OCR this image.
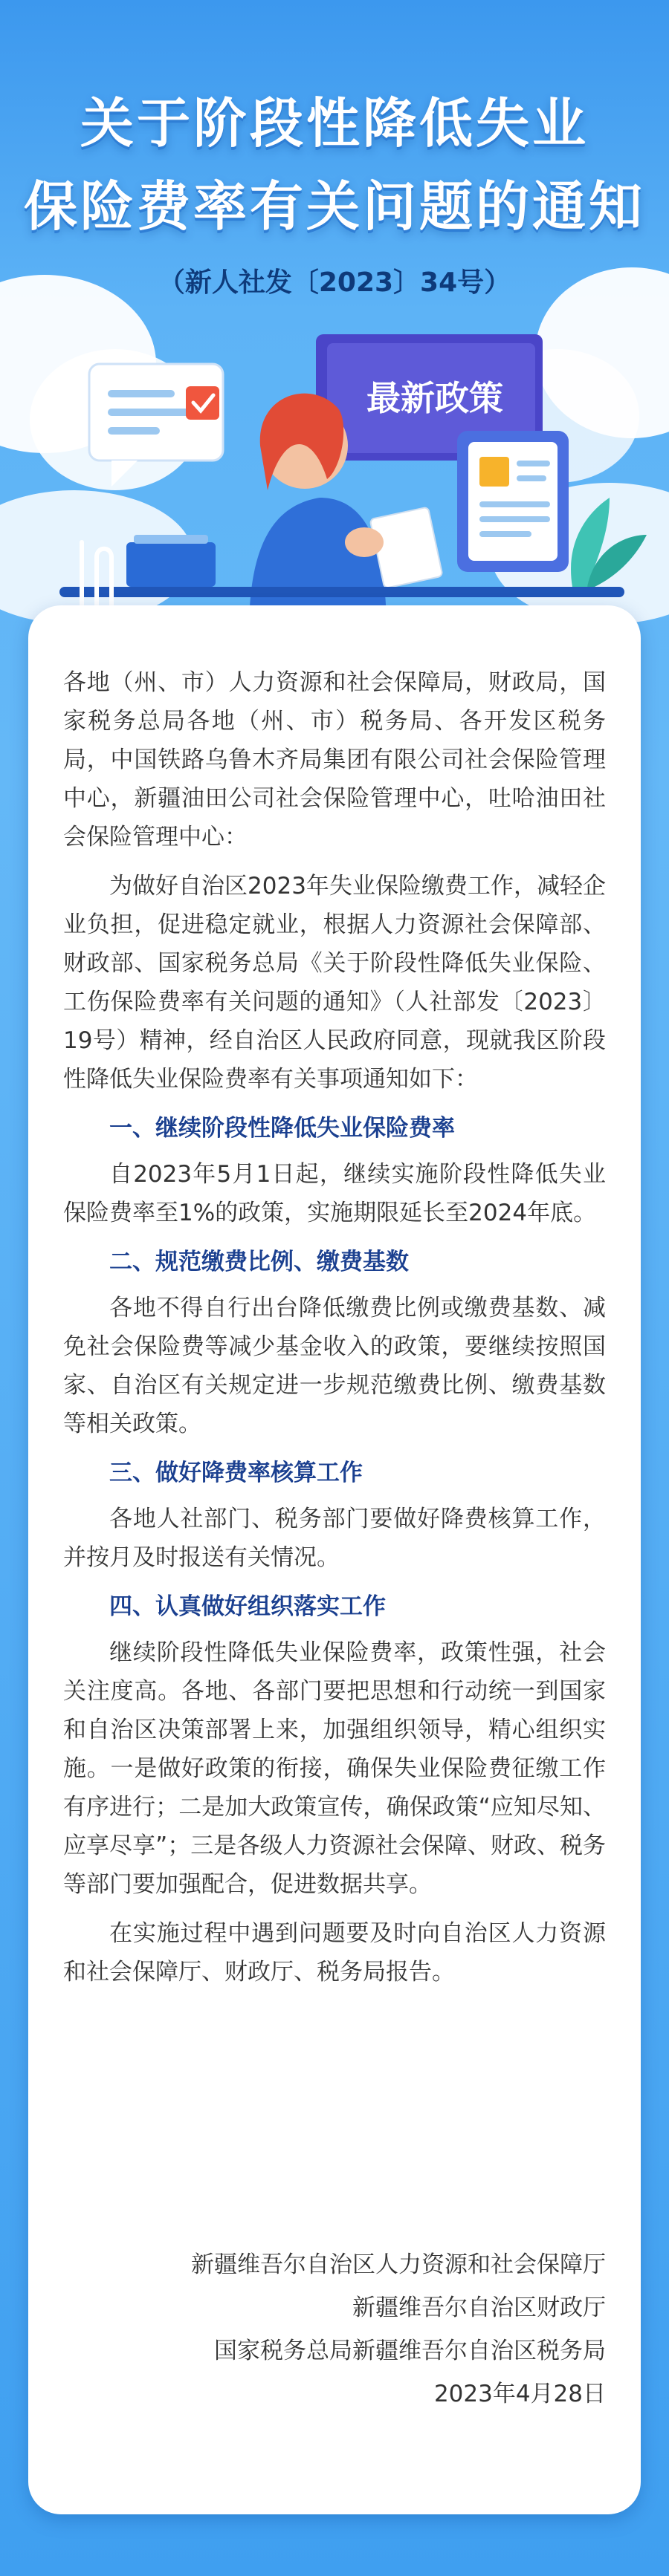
关于阶段性降低失业
保险费率有关问题的通知
（新人社发〔2023〕34号）
最新政策

各地（州、市）人力资源和社会保障局，财政局，国家税务总局各地（州、市）税务局、各开发区税务局，中国铁路乌鲁木齐局集团有限公司社会保险管理中心，新疆油田公司社会保险管理中心，吐哈油田社会保险管理中心：

为做好自治区2023年失业保险缴费工作，减轻企业负担，促进稳定就业，根据人力资源社会保障部、财政部、国家税务总局《关于阶段性降低失业保险、工伤保险费率有关问题的通知》（人社部发〔2023〕19号）精神，经自治区人民政府同意，现就我区阶段性降低失业保险费率有关事项通知如下：

一、继续阶段性降低失业保险费率

自2023年5月1日起，继续实施阶段性降低失业保险费率至1%的政策，实施期限延长至2024年底。

二、规范缴费比例、缴费基数

各地不得自行出台降低缴费比例或缴费基数、减免社会保险费等减少基金收入的政策，要继续按照国家、自治区有关规定进一步规范缴费比例、缴费基数等相关政策。

三、做好降费率核算工作

各地人社部门、税务部门要做好降费核算工作，并按月及时报送有关情况。

四、认真做好组织落实工作

继续阶段性降低失业保险费率，政策性强，社会关注度高。各地、各部门要把思想和行动统一到国家和自治区决策部署上来，加强组织领导，精心组织实施。一是做好政策的衔接，确保失业保险费征缴工作有序进行；二是加大政策宣传，确保政策“应知尽知、应享尽享”；三是各级人力资源社会保障、财政、税务等部门要加强配合，促进数据共享。

在实施过程中遇到问题要及时向自治区人力资源和社会保障厅、财政厅、税务局报告。

新疆维吾尔自治区人力资源和社会保障厅
新疆维吾尔自治区财政厅
国家税务总局新疆维吾尔自治区税务局
2023年4月28日
